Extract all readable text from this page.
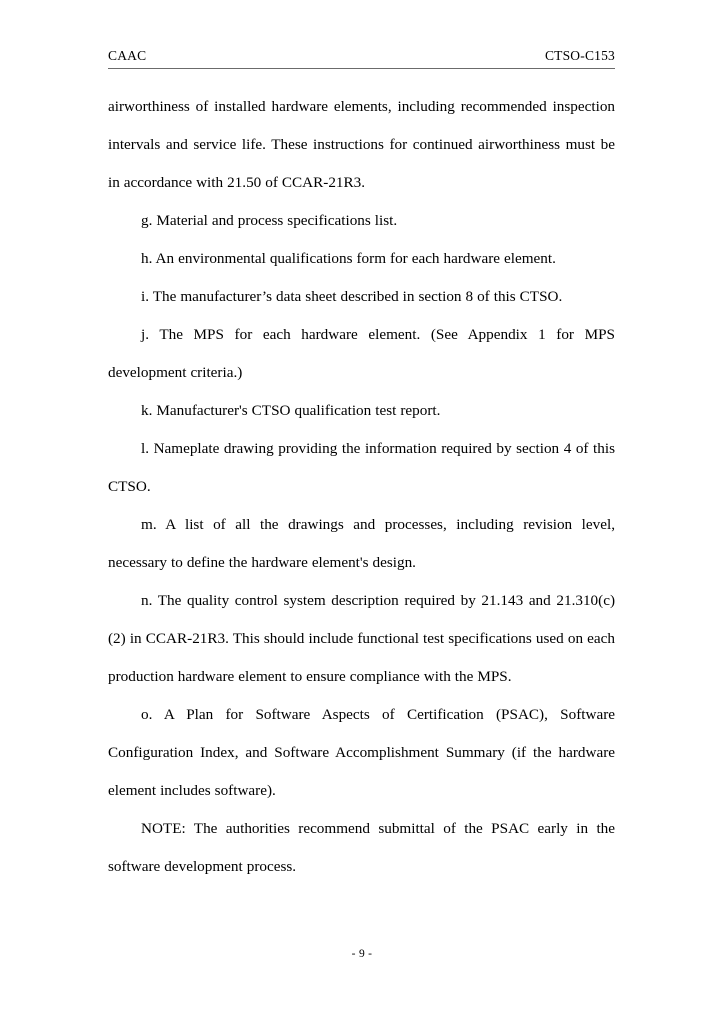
CAAC	CTSO-C153

airworthiness of installed hardware elements, including recommended inspection intervals and service life. These instructions for continued airworthiness must be in accordance with 21.50 of CCAR-21R3.

g. Material and process specifications list.

h. An environmental qualifications form for each hardware element.

i. The manufacturer’s data sheet described in section 8 of this CTSO.

j. The MPS for each hardware element. (See Appendix 1 for MPS development criteria.)

k. Manufacturer's CTSO qualification test report.

l. Nameplate drawing providing the information required by section 4 of this CTSO.

m. A list of all the drawings and processes, including revision level, necessary to define the hardware element's design.

n. The quality control system description required by 21.143 and 21.310(c)(2) in CCAR-21R3. This should include functional test specifications used on each production hardware element to ensure compliance with the MPS.

o. A Plan for Software Aspects of Certification (PSAC), Software Configuration Index, and Software Accomplishment Summary (if the hardware element includes software).

NOTE: The authorities recommend submittal of the PSAC early in the software development process.

- 9 -
